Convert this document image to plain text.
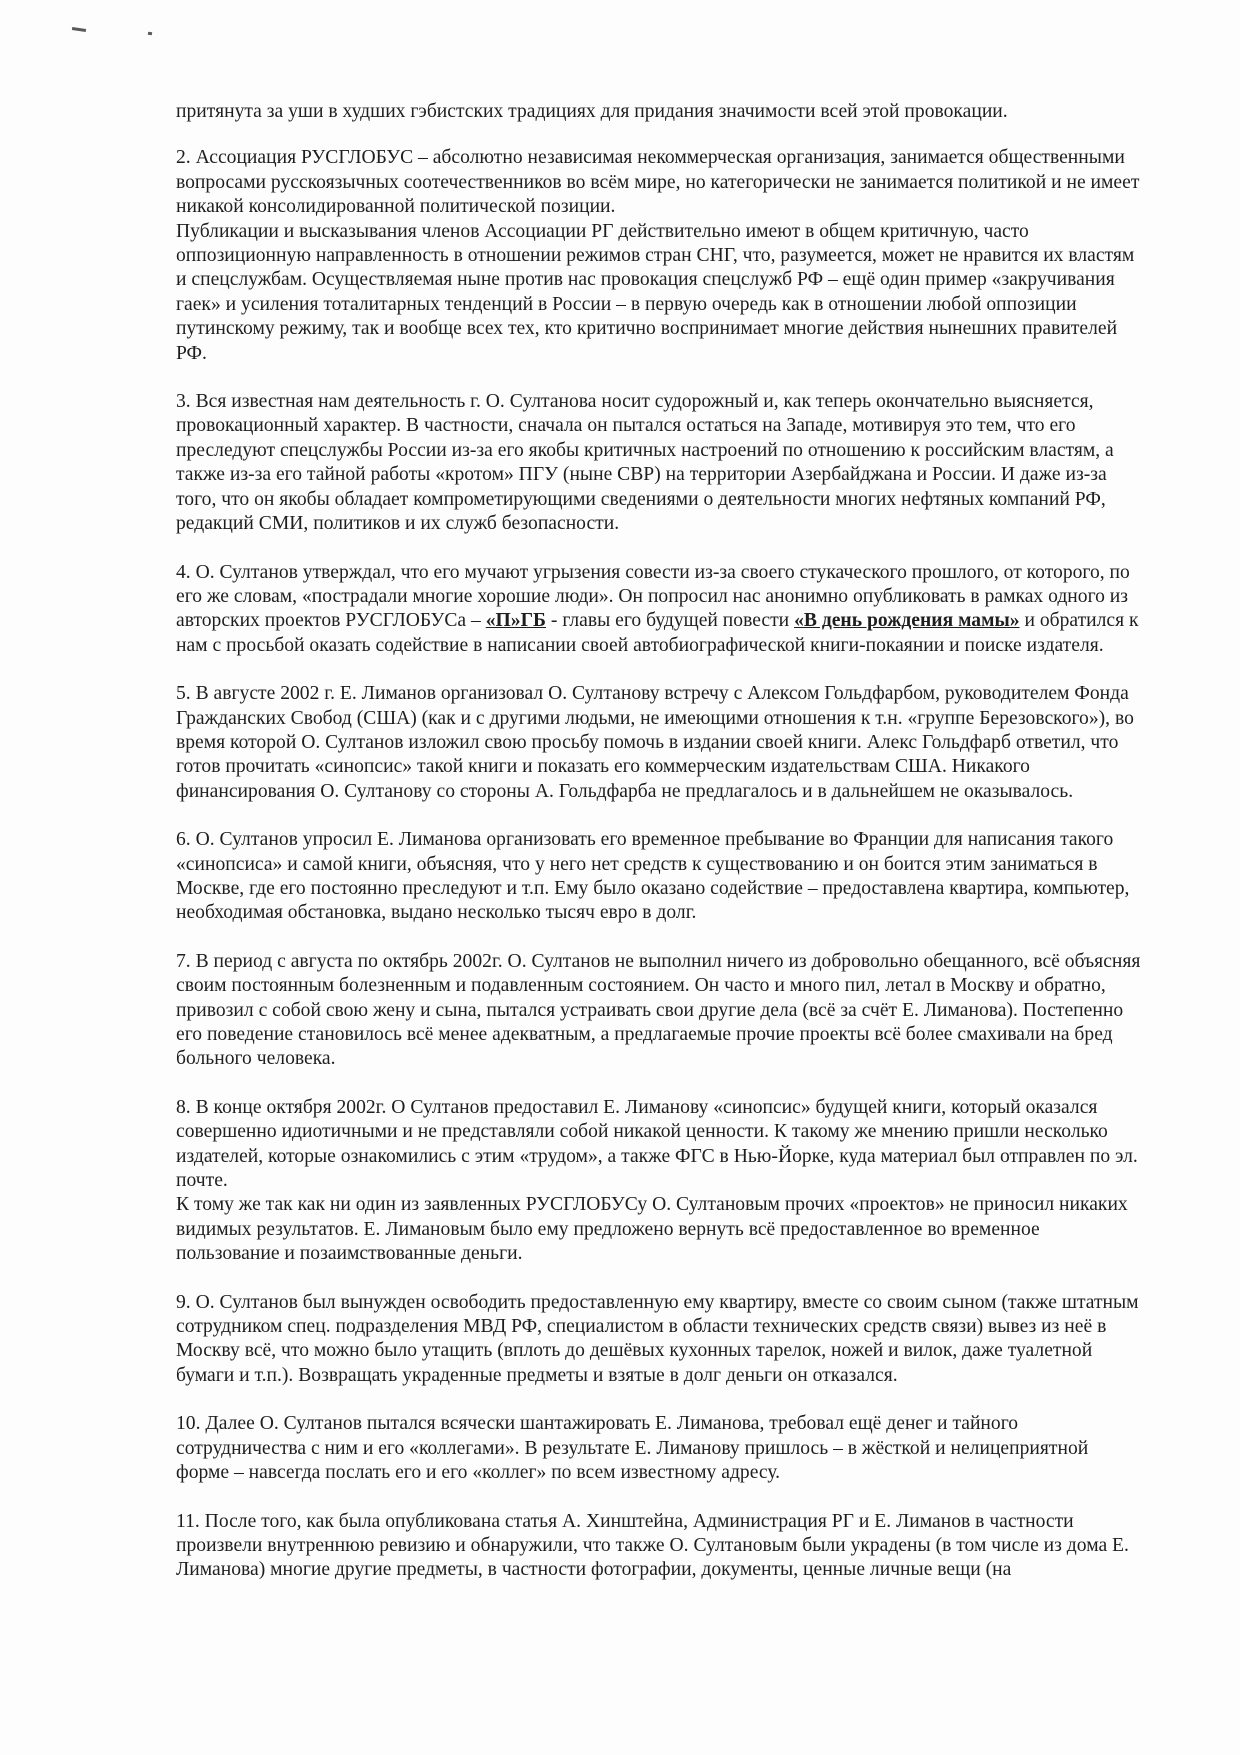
притянута за уши в худших гэбистских традициях для придания значимости всей этой провокации.

2. Ассоциация РУСГЛОБУС – абсолютно независимая некоммерческая организация, занимается общественными вопросами русскоязычных соотечественников во всём мире, но категорически не занимается политикой и не имеет никакой консолидированной политической позиции.
Публикации и высказывания членов Ассоциации РГ действительно имеют в общем критичную, часто оппозиционную направленность в отношении режимов стран СНГ, что, разумеется, может не нравится их властям и спецслужбам. Осуществляемая ныне против нас провокация спецслужб РФ – ещё один пример «закручивания гаек» и усиления тоталитарных тенденций в России – в первую очередь как в отношении любой оппозиции путинскому режиму, так и вообще всех тех, кто критично воспринимает многие действия нынешних правителей РФ.

3. Вся известная нам деятельность г. О. Султанова носит судорожный и, как теперь окончательно выясняется, провокационный характер. В частности, сначала он пытался остаться на Западе, мотивируя это тем, что его преследуют спецслужбы России из-за его якобы критичных настроений по отношению к российским властям, а также из-за его тайной работы «кротом» ПГУ (ныне СВР) на территории Азербайджана и России. И даже из-за того, что он якобы обладает компрометирующими сведениями о деятельности многих нефтяных компаний РФ, редакций СМИ, политиков и их служб безопасности.

4. О. Султанов утверждал, что его мучают угрызения совести из-за своего стукаческого прошлого, от которого, по его же словам, «пострадали многие хорошие люди». Он попросил нас анонимно опубликовать в рамках одного из авторских проектов РУСГЛОБУСа – «П»ГБ - главы его будущей повести «В день рождения мамы» и обратился к нам с просьбой оказать содействие в написании своей автобиографической книги-покаянии и поиске издателя.

5. В августе 2002 г. Е. Лиманов организовал О. Султанову встречу с Алексом Гольдфарбом, руководителем Фонда Гражданских Свобод (США) (как и с другими людьми, не имеющими отношения к т.н. «группе Березовского»), во время которой О. Султанов изложил свою просьбу помочь в издании своей книги. Алекс Гольдфарб ответил, что готов прочитать «синопсис» такой книги и показать его коммерческим издательствам США. Никакого финансирования О. Султанову со стороны А. Гольдфарба не предлагалось и в дальнейшем не оказывалось.

6. О. Султанов упросил Е. Лиманова организовать его временное пребывание во Франции для написания такого «синопсиса» и самой книги, объясняя, что у него нет средств к существованию и он боится этим заниматься в Москве, где его постоянно преследуют и т.п. Ему было оказано содействие – предоставлена квартира, компьютер, необходимая обстановка, выдано несколько тысяч евро в долг.

7. В период с августа по октябрь 2002г. О. Султанов не выполнил ничего из добровольно обещанного, всё объясняя своим постоянным болезненным и подавленным состоянием. Он часто и много пил, летал в Москву и обратно, привозил с собой свою жену и сына, пытался устраивать свои другие дела (всё за счёт Е. Лиманова). Постепенно его поведение становилось всё менее адекватным, а предлагаемые прочие проекты всё более смахивали на бред больного человека.

8. В конце октября 2002г. О Султанов предоставил Е. Лиманову «синопсис» будущей книги, который оказался совершенно идиотичными и не представляли собой никакой ценности. К такому же мнению пришли несколько издателей, которые ознакомились с этим «трудом», а также ФГС в Нью-Йорке, куда материал был отправлен по эл. почте.
К тому же так как ни один из заявленных РУСГЛОБУСу О. Султановым прочих «проектов» не приносил никаких видимых результатов. Е. Лимановым было ему предложено вернуть всё предоставленное во временное пользование и позаимствованные деньги.

9. О. Султанов был вынужден освободить предоставленную ему квартиру, вместе со своим сыном (также штатным сотрудником спец. подразделения МВД РФ, специалистом в области технических средств связи) вывез из неё в Москву всё, что можно было утащить (вплоть до дешёвых кухонных тарелок, ножей и вилок, даже туалетной бумаги и т.п.). Возвращать украденные предметы и взятые в долг деньги он отказался.

10. Далее О. Султанов пытался всячески шантажировать Е. Лиманова, требовал ещё денег и тайного сотрудничества с ним и его «коллегами». В результате Е. Лиманову пришлось – в жёсткой и нелицеприятной форме – навсегда послать его и его «коллег» по всем известному адресу.

11. После того, как была опубликована статья А. Хинштейна, Администрация РГ и Е. Лиманов в частности произвели внутреннюю ревизию и обнаружили, что также О. Султановым были украдены (в том числе из дома Е. Лиманова) многие другие предметы, в частности фотографии, документы, ценные личные вещи (на
